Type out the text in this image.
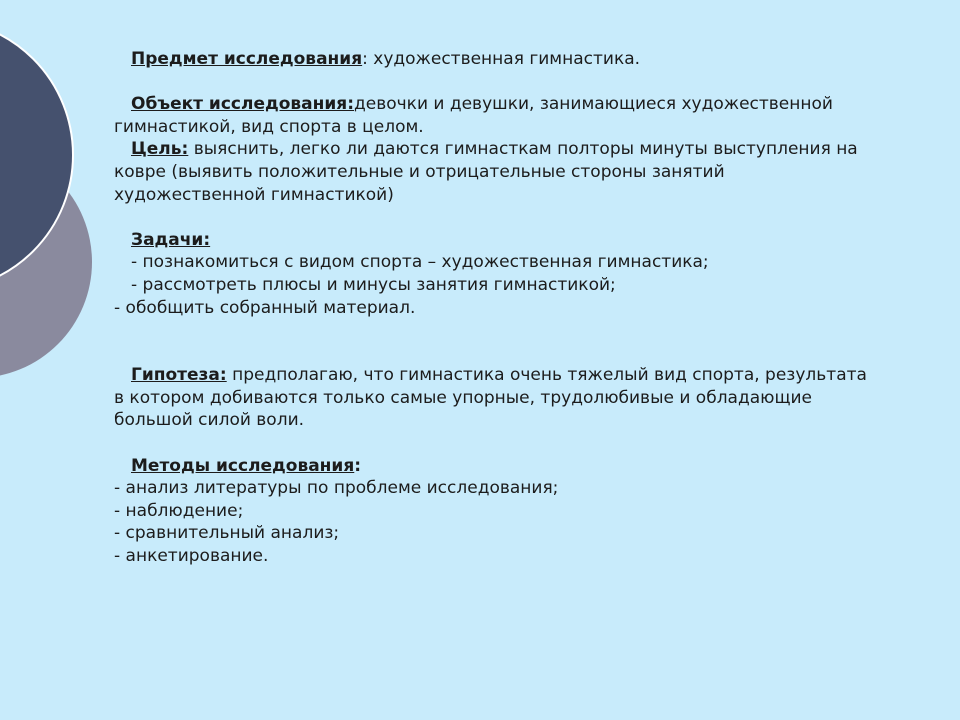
Предмет исследования: художественная гимнастика.
Объект исследования:девочки и девушки, занимающиеся художественной
гимнастикой, вид спорта в целом.
Цель: выяснить, легко ли даются гимнасткам полторы минуты выступления на
ковре (выявить положительные и отрицательные стороны занятий
художественной гимнастикой)
Задачи:
- познакомиться с видом спорта – художественная гимнастика;
- рассмотреть плюсы и минусы занятия гимнастикой;
- обобщить собранный материал.
Гипотеза: предполагаю, что гимнастика очень тяжелый вид спорта, результата
в котором добиваются только самые упорные, трудолюбивые и обладающие
большой силой воли.
Методы исследования:
- анализ литературы по проблеме исследования;
- наблюдение;
- сравнительный анализ;
- анкетирование.
